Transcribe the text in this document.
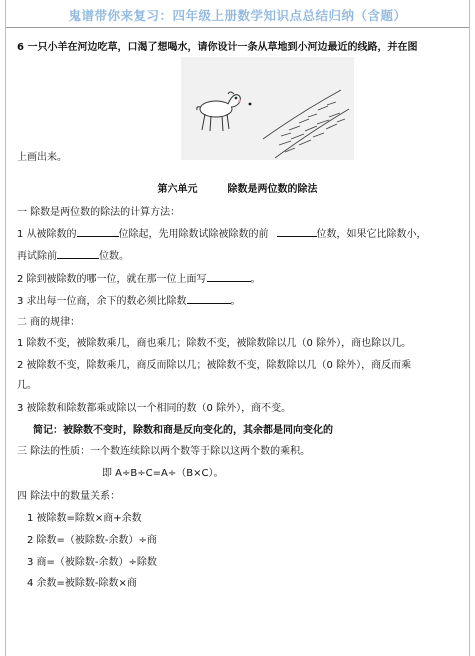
鬼谱带你来复习：四年级上册数学知识点总结归纳（含题）
6 一只小羊在河边吃草，口渴了想喝水，请你设计一条从草地到小河边最近的线路，并在图
上画出来。
第六单元	除数是两位数的除法
一 除数是两位数的除法的计算方法：
1 从被除数的	位除起，先用除数试除被除数的前	位数，如果它比除数小，
再试除前	位数。
2 除到被除数的哪一位，就在那一位上面写	。
3 求出每一位商，余下的数必须比除数	。
二 商的规律：
1 除数不变，被除数乘几，商也乘几；除数不变，被除数除以几（0 除外），商也除以几。
2 被除数不变，除数乘几，商反而除以几；被除数不变，除数除以几（0 除外），商反而乘
几。
3 被除数和除数都乘或除以一个相同的数（0 除外），商不变。
简记：被除数不变时，除数和商是反向变化的，其余都是同向变化的
三 除法的性质：一个数连续除以两个数等于除以这两个数的乘积。
即 A÷B÷C=A÷（B×C）。
四 除法中的数量关系：
1 被除数=除数×商+余数
2 除数=（被除数-余数）÷商
3 商=（被除数-余数）÷除数
4 余数=被除数-除数×商
